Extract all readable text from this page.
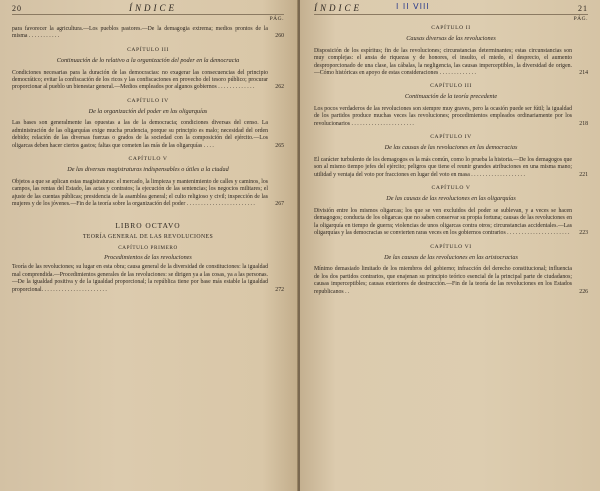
20	ÍNDICE
PÁG.
para favorecer la agricultura.—Los pueblos pastores.—De la demagogia extrema; medios prontos de la misma . . . . . . . . . . .	260
CAPÍTULO III
Continuación de lo relativo a la organización del poder en la democracia
Condiciones necesarias para la duración de las democracias: no exagerar las consecuencias del principio democrático; evitar la confiscación de los ricos y las confiscaciones en provecho del tesoro público; procurar proporcionar al pueblo un bienestar general.—Medios empleados por algunos gobiernos . . . . . . . . . . . . .	262
CAPÍTULO IV
De la organización del poder en las oligarquías
Las bases son generalmente las opuestas a las de la democracia; condiciones diversas del censo. La administración de las oligarquías exige mucha prudencia, porque su principio es malo; necesidad del orden debido; relación de las diversas fuerzas o grados de la sociedad con la composición del ejército.—Los oligarcas deben hacer ciertos gastos; faltas que cometen las más de las oligarquías . . . .	265
CAPÍTULO V
De las diversas magistraturas indispensables o útiles a la ciudad
Objetos a que se aplican estas magistraturas: el mercado, la limpieza y mantenimiento de calles y caminos, los campos, las rentas del Estado, las actas y contratos; la ejecución de las sentencias; los negocios militares; el ajuste de las cuentas públicas; presidencia de la asamblea general; el culto religioso y civil; inspección de las mujeres y de los jóvenes.—Fin de la teoría sobre la organización del poder . . . . . . . . . . . . . . . . . . . . . . . .	267
LIBRO OCTAVO
TEORÍA GENERAL DE LAS REVOLUCIONES
CAPÍTULO PRIMERO
Procedimientos de las revoluciones
Teoría de las revoluciones; su lugar en esta obra; causa general de la diversidad de constituciones: la igualdad mal comprendida.—Procedimientos generales de las revoluciones: se dirigen ya a las cosas, ya a las personas.—De la igualdad positiva y de la igualdad proporcional; la república tiene por base más estable la igualdad proporcional. . . . . . . . . . . . . . . . . . . . . . .	272
ÍNDICE	I II VIII	21
PÁG.
CAPÍTULO II
Causas diversas de las revoluciones
Disposición de los espíritus; fin de las revoluciones; circunstancias determinantes; estas circunstancias son muy complejas: el ansia de riquezas y de honores, el insulto, el miedo, el desprecio, el aumento desproporcionado de una clase, las cábalas, la negligencia, las causas imperceptibles, la diversidad de origen.—Cómo históricas en apoyo de estas consideraciones . . . . . . . . . . . . .	214
CAPÍTULO III
Continuación de la teoría precedente
Los pocos verdaderos de las revoluciones son siempre muy graves, pero la ocasión puede ser fútil; la igualdad de los partidos produce muchas veces las revoluciones; procedimientos empleados ordinariamente por los revolucionarios . . . . . . . . . . . . . . . . . . . . . .	218
CAPÍTULO IV
De las causas de las revoluciones en las democracias
El carácter turbulento de los demagogos es la más común, como lo prueba la historia.—De los demagogos que son al mismo tiempo jefes del ejército; peligros que tiene el reunir grandes atribuciones en una misma mano; utilidad y ventaja del voto por fracciones en lugar del voto en masa . . . . . . . . . . . . . . . . . . .	221
CAPÍTULO V
De las causas de las revoluciones en las oligarquías
División entre los mismos oligarcas; los que se ven excluidos del poder se sublevan, y a veces se hacen demagogos; conducta de los oligarcas que no saben conservar su propia fortuna; causas de las revoluciones en la oligarquía en tiempo de guerra; violencias de unos oligarcas contra otros; circunstancias accidentales.—Las oligarquías y las democracias se convierten raras veces en los gobiernos contrarios . . . . . . . . . . . . . . . . . . . . . . 223
CAPÍTULO VI
De las causas de las revoluciones en las aristocracias
Mínimo demasiado limitado de los miembros del gobierno; infracción del derecho constitucional; influencia de los dos partidos contrarios, que enajenan su principio teórico esencial de la principal parte de ciudadanos; causas imperceptibles; causas exteriores de destrucción.—Fin de la teoría de las revoluciones en los Estados republicanos . .	226
